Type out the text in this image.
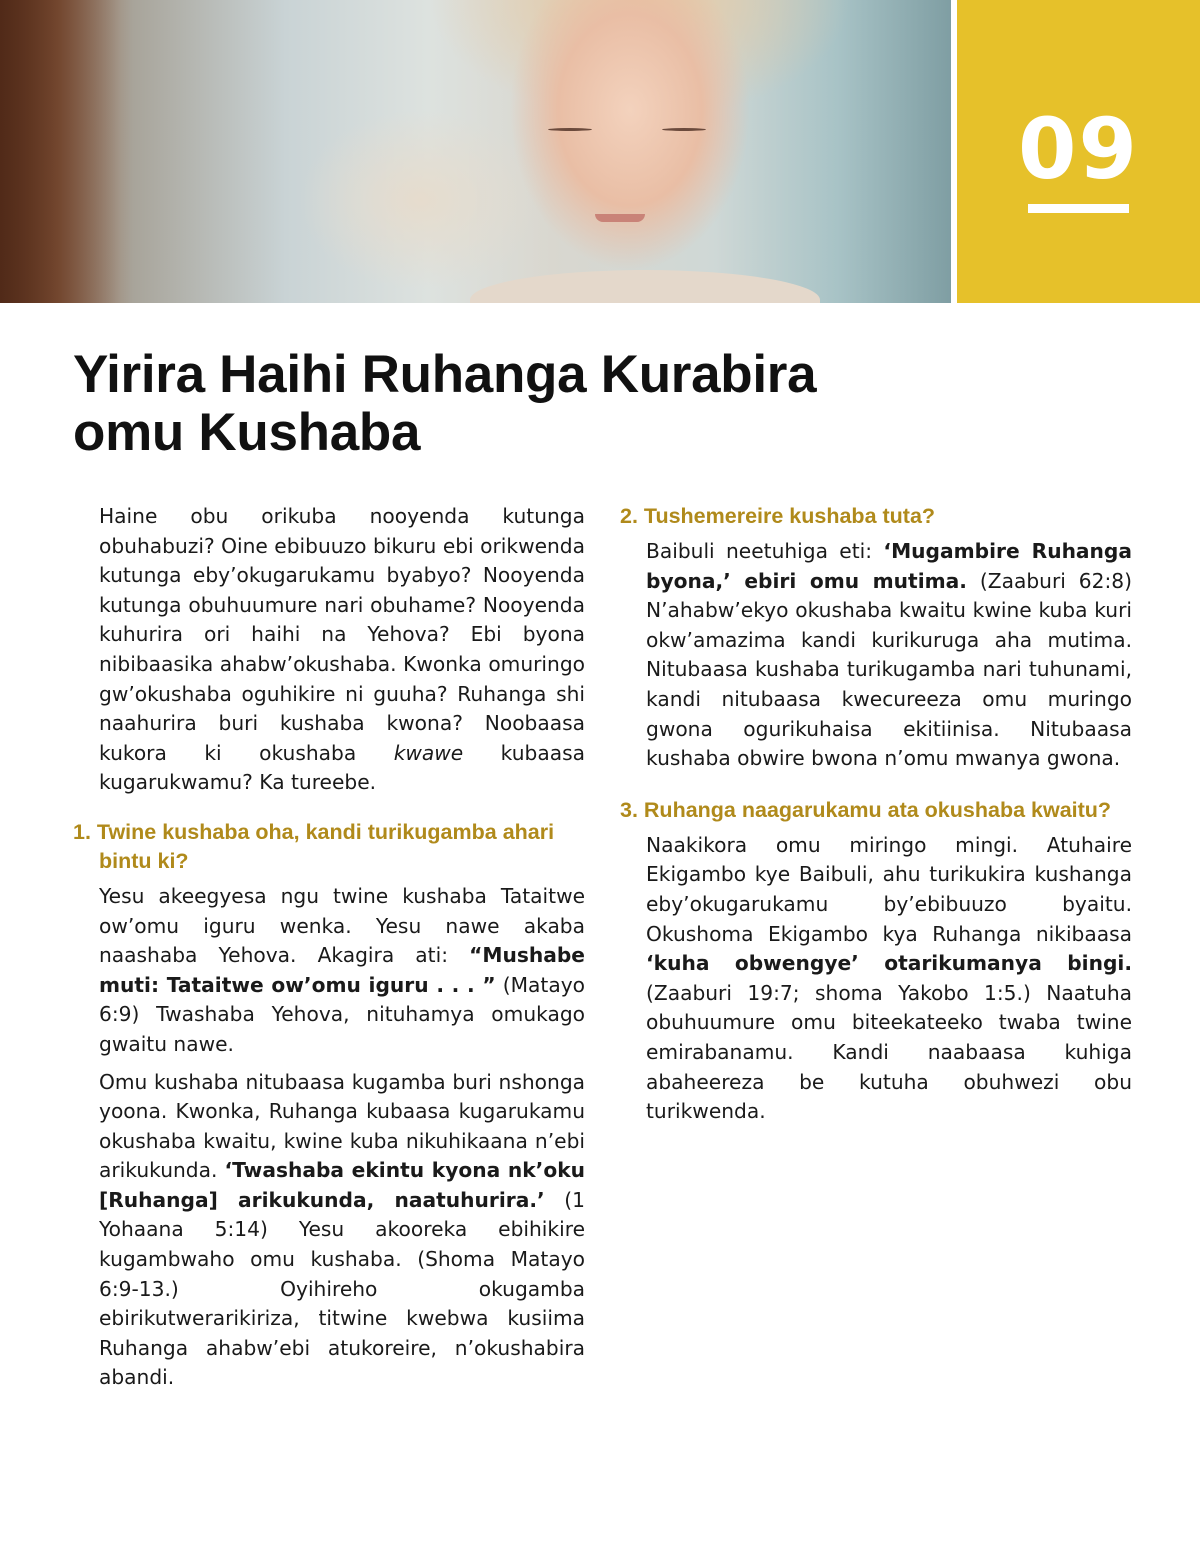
09
Yirira Haihi Ruhanga Kurabira omu Kushaba

Haine obu orikuba nooyenda kutunga obuhabuzi? Oine ebibuuzo bikuru ebi orikwenda kutunga eby’okugarukamu byabyo? Nooyenda kutunga obuhuumure nari obuhame? Nooyenda kuhurira ori haihi na Yehova? Ebi byona nibibaasika ahabw’okushaba. Kwonka omuringo gw’okushaba oguhikire ni guuha? Ruhanga shi naahurira buri kushaba kwona? Noobaasa kukora ki okushaba kwawe kubaasa kugarukwamu? Ka tureebe.

1. Twine kushaba oha, kandi turikugamba ahari bintu ki?

Yesu akeegyesa ngu twine kushaba Tataitwe ow’omu iguru wenka. Yesu nawe akaba naashaba Yehova. Akagira ati: “Mushabe muti: Tataitwe ow’omu iguru . . . ” (Matayo 6:9) Twashaba Yehova, nituhamya omukago gwaitu nawe.

Omu kushaba nitubaasa kugamba buri nshonga yoona. Kwonka, Ruhanga kubaasa kugarukamu okushaba kwaitu, kwine kuba nikuhikaana n’ebi arikukunda. ‘Twashaba ekintu kyona nk’oku [Ruhanga] arikukunda, naatuhurira.’ (1 Yohaana 5:14) Yesu akooreka ebihikire kugambwaho omu kushaba. (Shoma Matayo 6:9-13.) Oyihireho okugamba ebirikutwerarikiriza, titwine kwebwa kusiima Ruhanga ahabw’ebi atukoreire, n’okushabira abandi.

2. Tushemereire kushaba tuta?

Baibuli neetuhiga eti: ‘Mugambire Ruhanga byona,’ ebiri omu mutima. (Zaaburi 62:8) N’ahabw’ekyo okushaba kwaitu kwine kuba kuri okw’amazima kandi kurikuruga aha mutima. Nitubaasa kushaba turikugamba nari tuhunami, kandi nitubaasa kwecureeza omu muringo gwona ogurikuhaisa ekitiinisa. Nitubaasa kushaba obwire bwona n’omu mwanya gwona.

3. Ruhanga naagarukamu ata okushaba kwaitu?

Naakikora omu miringo mingi. Atuhaire Ekigambo kye Baibuli, ahu turikukira kushanga eby’okugarukamu by’ebibuuzo byaitu. Okushoma Ekigambo kya Ruhanga nikibaasa ‘kuha obwengye’ otarikumanya bingi. (Zaaburi 19:7; shoma Yakobo 1:5.) Naatuha obuhuumure omu biteekateeko twaba twine emirabanamu. Kandi naabaasa kuhiga abaheereza be kutuha obuhwezi obu turikwenda.
